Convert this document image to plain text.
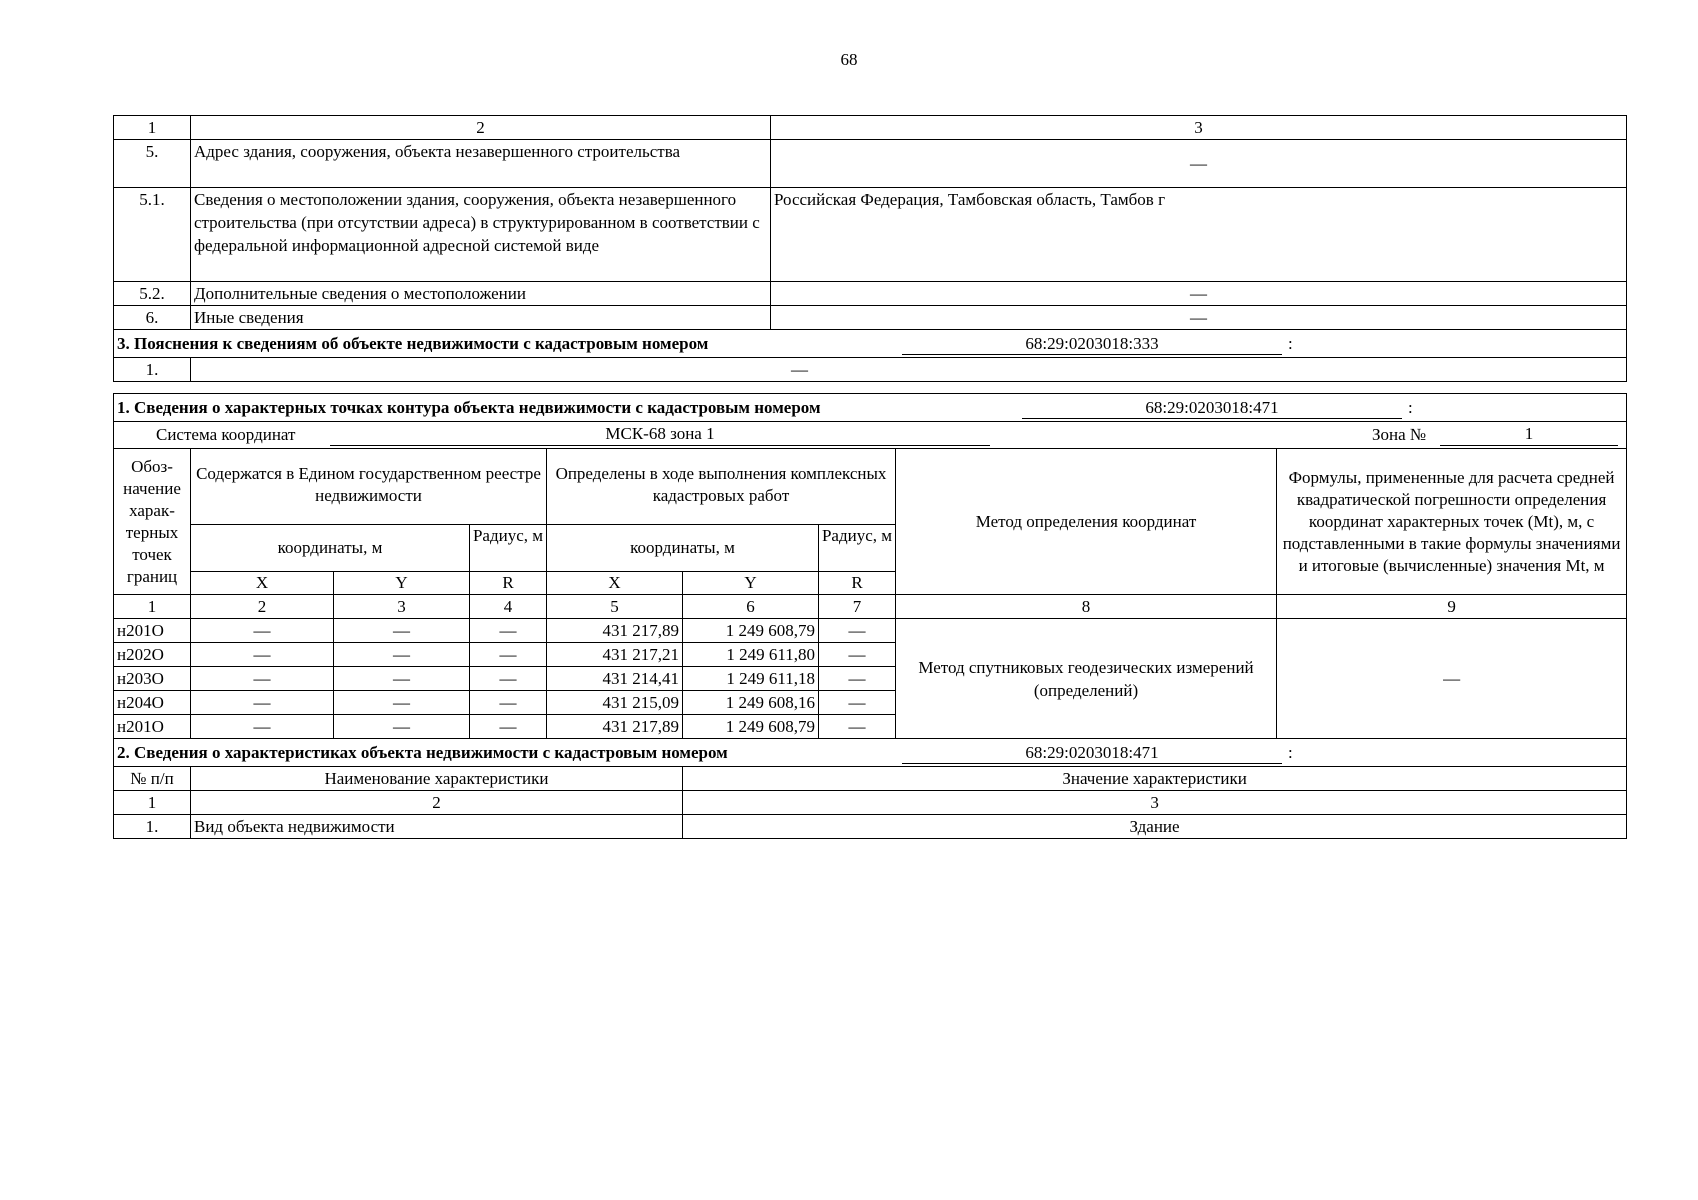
68
1	2	3
5.	Адрес здания, сооружения, объекта незавершенного строительства	—
5.1.	Сведения о местоположении здания, сооружения, объекта незавершенного строительства (при отсутствии адреса) в структурированном в соответствии с федеральной информационной адресной системой виде	Российская Федерация, Тамбовская область, Тамбов г
5.2.	Дополнительные сведения о местоположении	—
6.	Иные сведения	—
3. Пояснения к сведениям об объекте недвижимости с кадастровым номером 68:29:0203018:333 :		
1.	—	
1. Сведения о характерных точках контура объекта недвижимости с кадастровым номером 68:29:0203018:471 :								

Система координат МСК-68 зона 1 Зона № 1								

Обоз-начение харак-терных точек границ	Содержатся в Едином государственном реестре недвижимости			Определены в ходе выполнения комплексных кадастровых работ			Метод определения координат	Формулы, примененные для расчета средней квадратической погрешности определения координат характерных точек (Mt), м, с подставленными в такие формулы значениями и итоговые (вычисленные) значения Mt, м
	координаты, м		Радиус, м	координаты, м		Радиус, м		
	X	Y	R	X	Y	R		
1	2	3	4	5	6	7	8	9
н201О	—	—	—	431 217,89	1 249 608,79	—	Метод спутниковых геодезических измерений (определений)	—
н202О	—	—	—	431 217,21	1 249 611,80	—		
н203О	—	—	—	431 214,41	1 249 611,18	—		
н204О	—	—	—	431 215,09	1 249 608,16	—		
н201О	—	—	—	431 217,89	1 249 608,79	—		
2. Сведения о характеристиках объекта недвижимости с кадастровым номером 68:29:0203018:471 :								
№ п/п	Наименование характеристики				Значение характеристики			
1	2				3			
1.	Вид объекта недвижимости				Здание			
